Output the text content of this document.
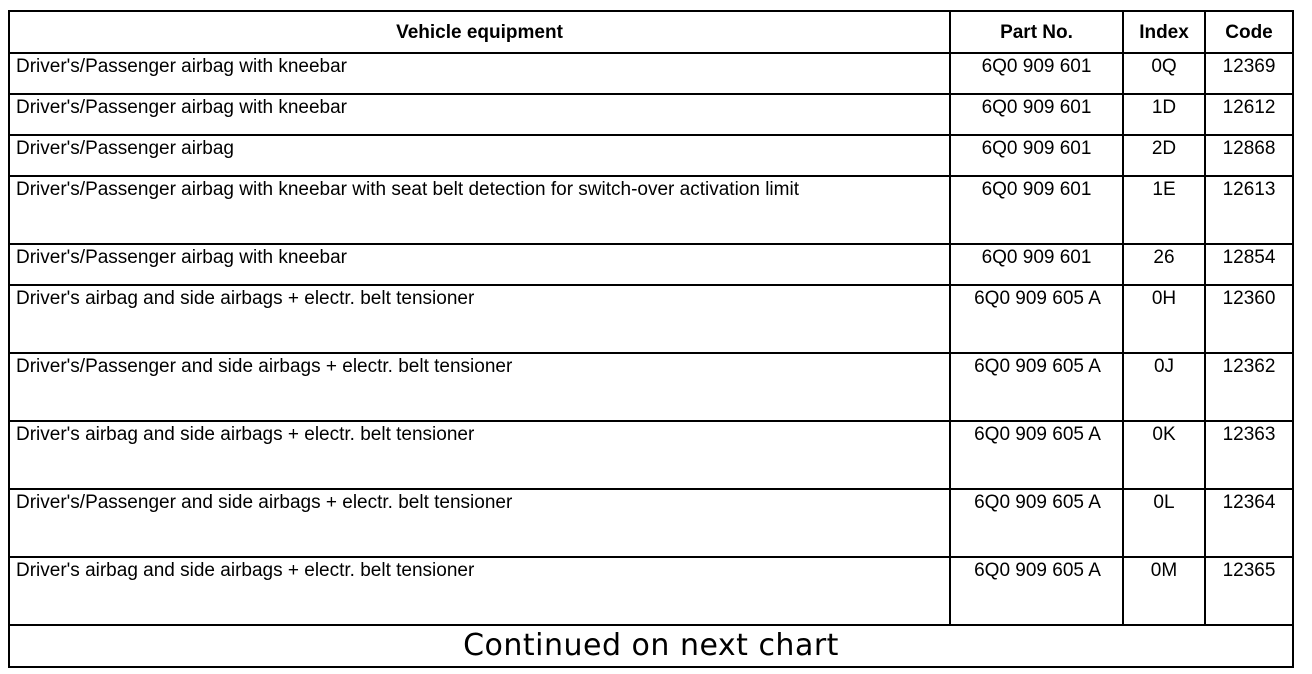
Vehicle equipment	Part No.	Index	Code
Driver's/Passenger airbag with kneebar	6Q0 909 601	0Q	12369
Driver's/Passenger airbag with kneebar	6Q0 909 601	1D	12612
Driver's/Passenger airbag	6Q0 909 601	2D	12868
Driver's/Passenger airbag with kneebar with seat belt detection for switch-over activation limit	6Q0 909 601	1E	12613
Driver's/Passenger airbag with kneebar	6Q0 909 601	26	12854
Driver's airbag and side airbags + electr. belt tensioner	6Q0 909 605 A	0H	12360
Driver's/Passenger and side airbags + electr. belt tensioner	6Q0 909 605 A	0J	12362
Driver's airbag and side airbags + electr. belt tensioner	6Q0 909 605 A	0K	12363
Driver's/Passenger and side airbags + electr. belt tensioner	6Q0 909 605 A	0L	12364
Driver's airbag and side airbags + electr. belt tensioner	6Q0 909 605 A	0M	12365
Continued on next chart			
